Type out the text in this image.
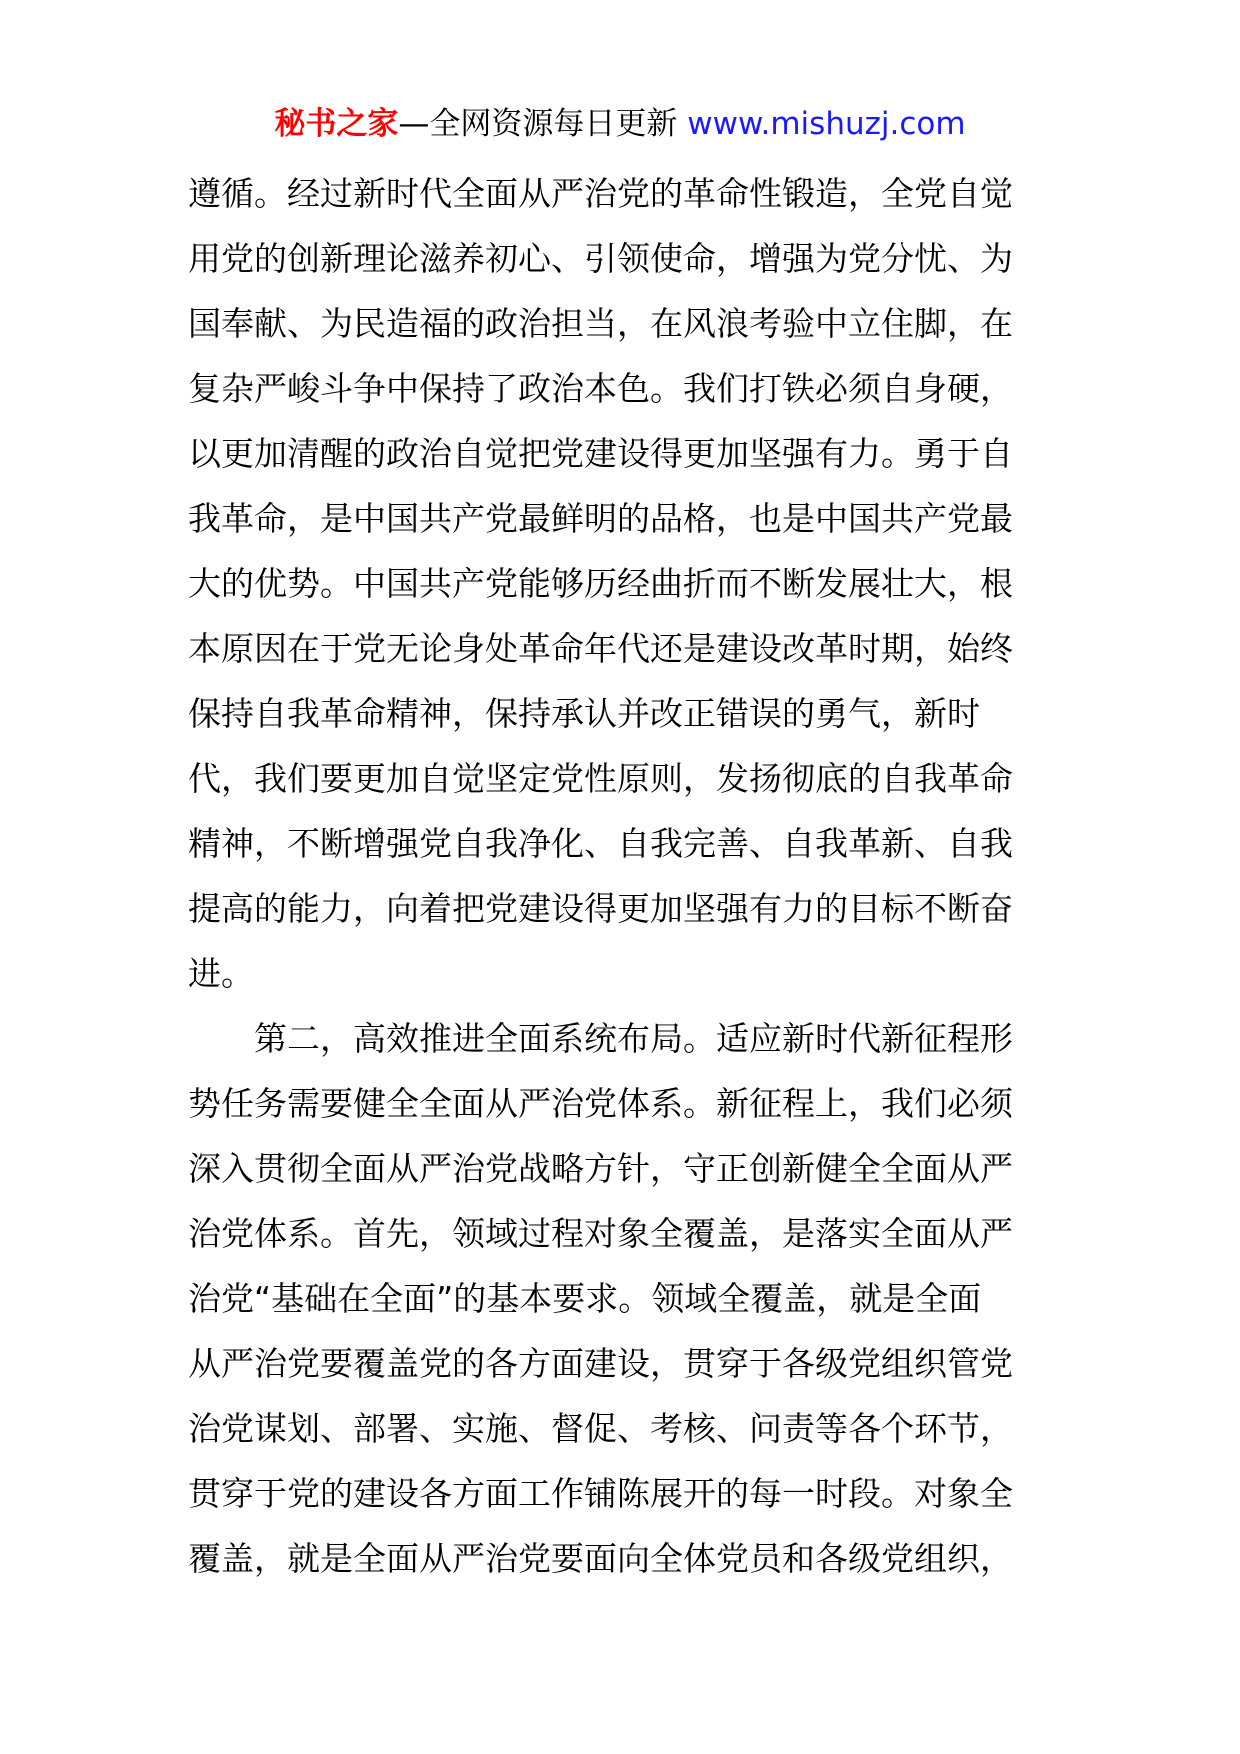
秘书之家—全网资源每日更新 www.mishuzj.com
遵循。经过新时代全面从严治党的革命性锻造，全党自觉
用党的创新理论滋养初心、引领使命，增强为党分忧、为
国奉献、为民造福的政治担当，在风浪考验中立住脚，在
复杂严峻斗争中保持了政治本色。我们打铁必须自身硬，
以更加清醒的政治自觉把党建设得更加坚强有力。勇于自
我革命，是中国共产党最鲜明的品格，也是中国共产党最
大的优势。中国共产党能够历经曲折而不断发展壮大，根
本原因在于党无论身处革命年代还是建设改革时期，始终
保持自我革命精神，保持承认并改正错误的勇气，新时
代，我们要更加自觉坚定党性原则，发扬彻底的自我革命
精神，不断增强党自我净化、自我完善、自我革新、自我
提高的能力，向着把党建设得更加坚强有力的目标不断奋
进。
　　第二，高效推进全面系统布局。适应新时代新征程形
势任务需要健全全面从严治党体系。新征程上，我们必须
深入贯彻全面从严治党战略方针，守正创新健全全面从严
治党体系。首先，领域过程对象全覆盖，是落实全面从严
治党“基础在全面”的基本要求。领域全覆盖，就是全面
从严治党要覆盖党的各方面建设，贯穿于各级党组织管党
治党谋划、部署、实施、督促、考核、问责等各个环节，
贯穿于党的建设各方面工作铺陈展开的每一时段。对象全
覆盖，就是全面从严治党要面向全体党员和各级党组织，
